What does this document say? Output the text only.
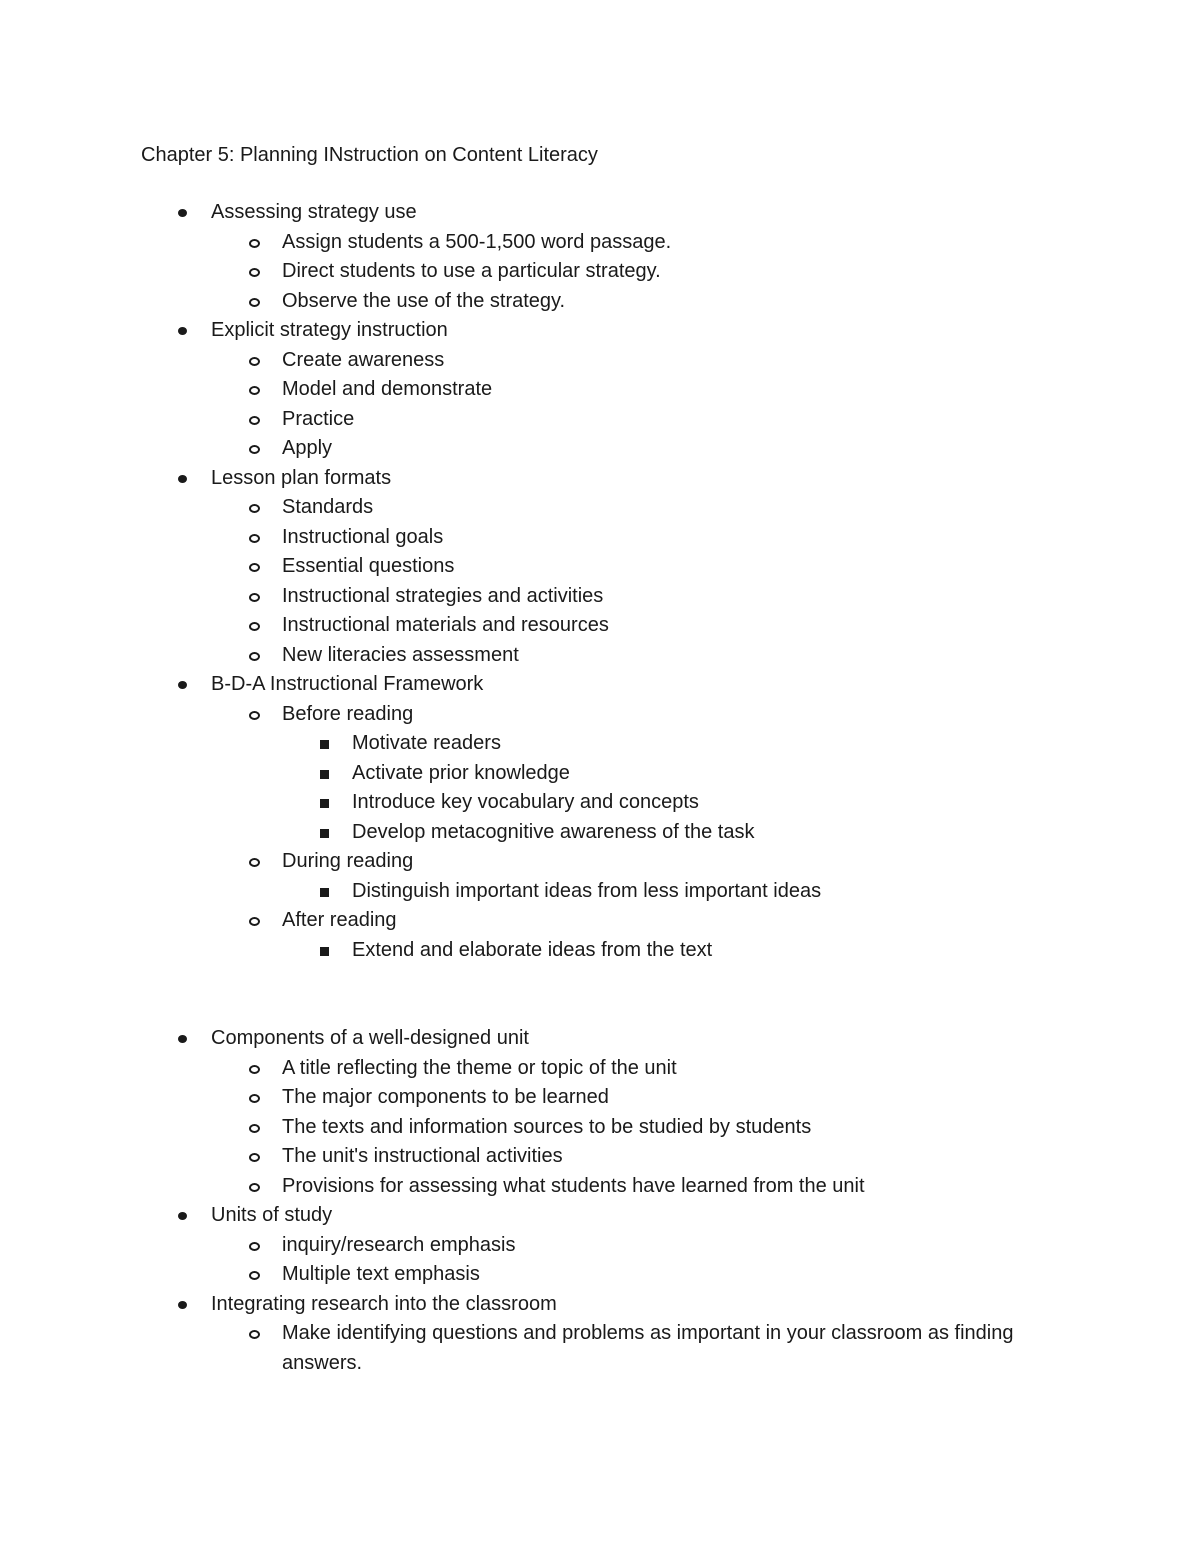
Chapter 5: Planning INstruction on Content Literacy
Assessing strategy use
Assign students a 500-1,500 word passage.
Direct students to use a particular strategy.
Observe the use of the strategy.
Explicit strategy instruction
Create awareness
Model and demonstrate
Practice
Apply
Lesson plan formats
Standards
Instructional goals
Essential questions
Instructional strategies and activities
Instructional materials and resources
New literacies assessment
B-D-A Instructional Framework
Before reading
Motivate readers
Activate prior knowledge
Introduce key vocabulary and concepts
Develop metacognitive awareness of the task
During reading
Distinguish important ideas from less important ideas
After reading
Extend and elaborate ideas from the text
Components of a well-designed unit
A title reflecting the theme or topic of the unit
The major components to be learned
The texts and information sources to be studied by students
The unit's instructional activities
Provisions for assessing what students have learned from the unit
Units of study
inquiry/research emphasis
Multiple text emphasis
Integrating research into the classroom
Make identifying questions and problems as important in your classroom as finding answers.
